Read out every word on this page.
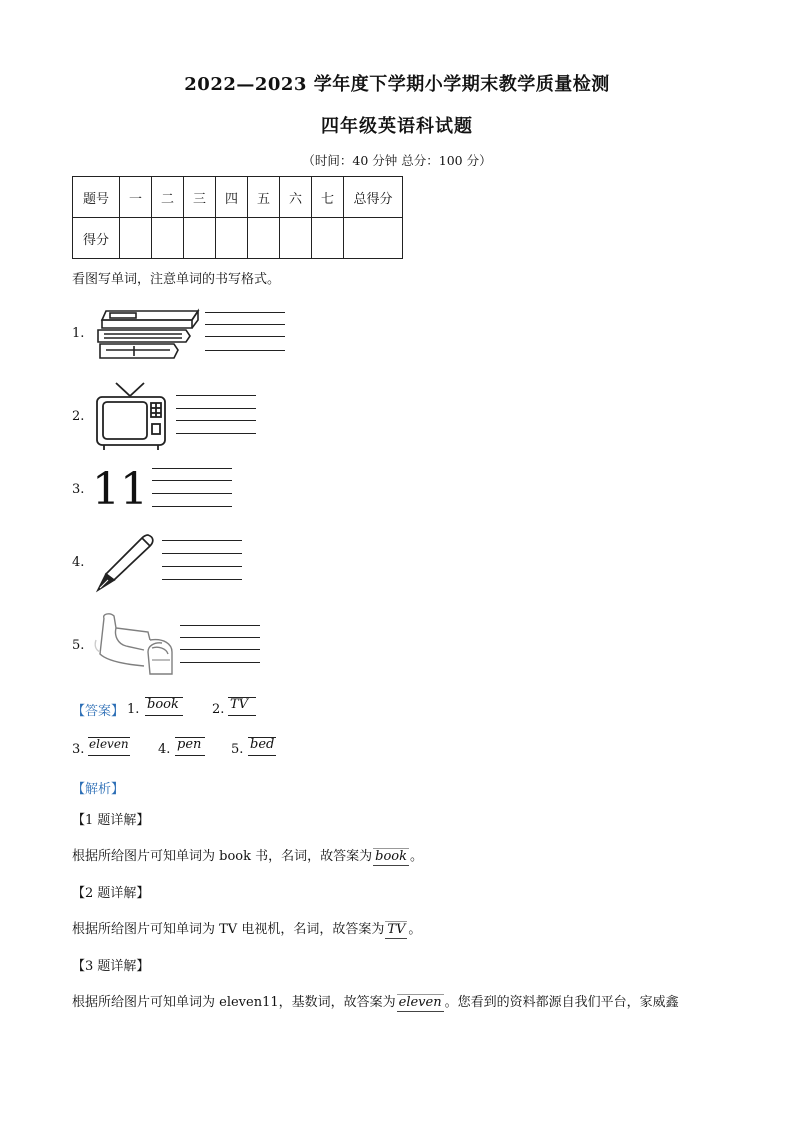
2022—2023 学年度下学期小学期末教学质量检测
四年级英语科试题
（时间：40 分钟 总分：100 分）
题号	一	二	三	四	五	六	七	总得分
得分								
看图写单词，注意单词的书写格式。
1.
2.
3. 11
4.
5.
【答案】 1. book	2. TV
3. eleven 4. pen 5. bed
【解析】
【1 题详解】
根据所给图片可知单词为 book 书，名词，故答案为 book 。
【2 题详解】
根据所给图片可知单词为 TV 电视机，名词，故答案为 TV 。
【3 题详解】
根据所给图片可知单词为 eleven11，基数词，故答案为 eleven 。您看到的资料都源自我们平台，家威鑫
